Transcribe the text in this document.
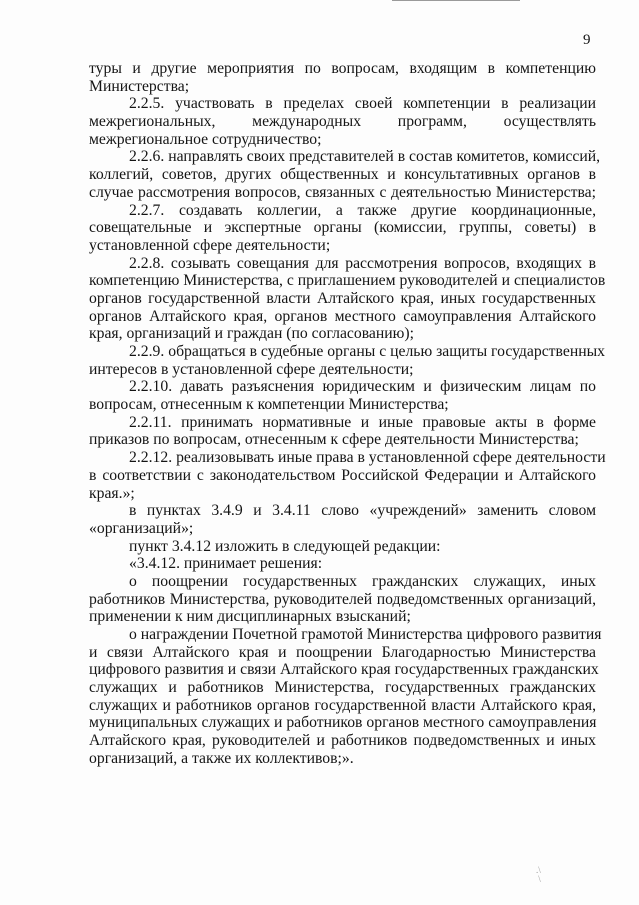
9
туры и другие мероприятия по вопросам, входящим в компетенцию
Министерства;
2.2.5. участвовать в пределах своей компетенции в реализации
межрегиональных, международных программ, осуществлять
межрегиональное сотрудничество;
2.2.6. направлять своих представителей в состав комитетов, комиссий,
коллегий, советов, других общественных и консультативных органов в
случае рассмотрения вопросов, связанных с деятельностью Министерства;
2.2.7. создавать коллегии, а также другие координационные,
совещательные и экспертные органы (комиссии, группы, советы) в
установленной сфере деятельности;
2.2.8. созывать совещания для рассмотрения вопросов, входящих в
компетенцию Министерства, с приглашением руководителей и специалистов
органов государственной власти Алтайского края, иных государственных
органов Алтайского края, органов местного самоуправления Алтайского
края, организаций и граждан (по согласованию);
2.2.9. обращаться в судебные органы с целью защиты государственных
интересов в установленной сфере деятельности;
2.2.10. давать разъяснения юридическим и физическим лицам по
вопросам, отнесенным к компетенции Министерства;
2.2.11. принимать нормативные и иные правовые акты в форме
приказов по вопросам, отнесенным к сфере деятельности Министерства;
2.2.12. реализовывать иные права в установленной сфере деятельности
в соответствии с законодательством Российской Федерации и Алтайского
края.»;
в пунктах 3.4.9 и 3.4.11 слово «учреждений» заменить словом
«организаций»;
пункт 3.4.12 изложить в следующей редакции:
«3.4.12. принимает решения:
о поощрении государственных гражданских служащих, иных
работников Министерства, руководителей подведомственных организаций,
применении к ним дисциплинарных взысканий;
о награждении Почетной грамотой Министерства цифрового развития
и связи Алтайского края и поощрении Благодарностью Министерства
цифрового развития и связи Алтайского края государственных гражданских
служащих и работников Министерства, государственных гражданских
служащих и работников органов государственной власти Алтайского края,
муниципальных служащих и работников органов местного самоуправления
Алтайского края, руководителей и работников подведомственных и иных
организаций, а также их коллективов;».
.\
\
